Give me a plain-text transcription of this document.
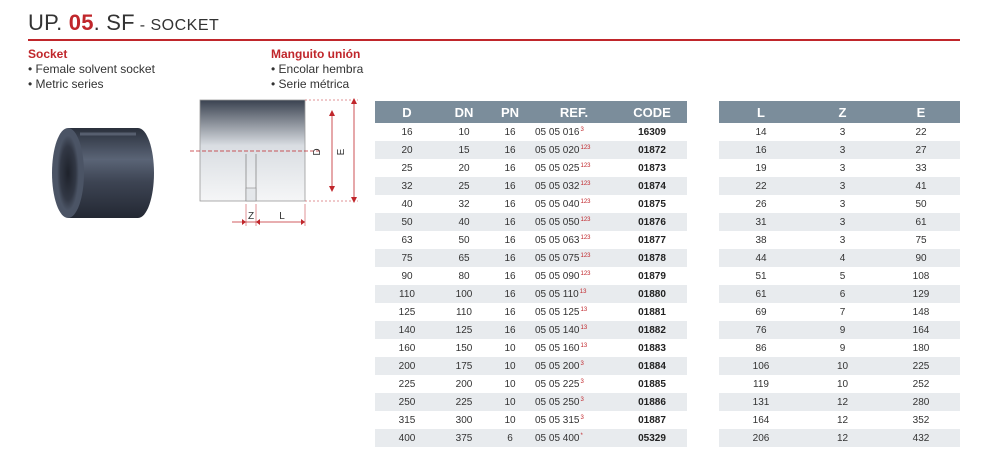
UP. 05. SF - SOCKET
Socket
• Female solvent socket
• Metric series
Manguito unión
• Encolar hembra
• Serie métrica
D E
Z	L
D	DN	PN	REF.	CODE
16	10	16	05 05 $016^3$	16309
20	15	16	05 05 $020^{123}$	01872
25	20	16	05 05 $025^{123}$	01873
32	25	16	05 05 $032^{123}$	01874
40	32	16	05 05 $040^{123}$	01875
50	40	16	05 05 $050^{123}$	01876
63	50	16	05 05 $063^{123}$	01877
75	65	16	05 05 $075^{123}$	01878
90	80	16	05 05 $090^{123}$	01879
110	100	16	05 05 $110^{13}$	01880
125	110	16	05 05 $125^{13}$	01881
140	125	16	05 05 $140^{13}$	01882
160	150	10	05 05 $160^{13}$	01883
200	175	10	05 05 $200^3$	01884
225	200	10	05 05 $225^3$	01885
250	225	10	05 05 $250^3$	01886
315	300	10	05 05 $315^3$	01887
400	375	6	05 05 400*	05329
L	Z	E
14	3	22
16	3	27
19	3	33
22	3	41
26	3	50
31	3	61
38	3	75
44	4	90
51	5	108
61	6	129
69	7	148
76	9	164
86	9	180
106	10	225
119	10	252
131	12	280
164	12	352
206	12	432
